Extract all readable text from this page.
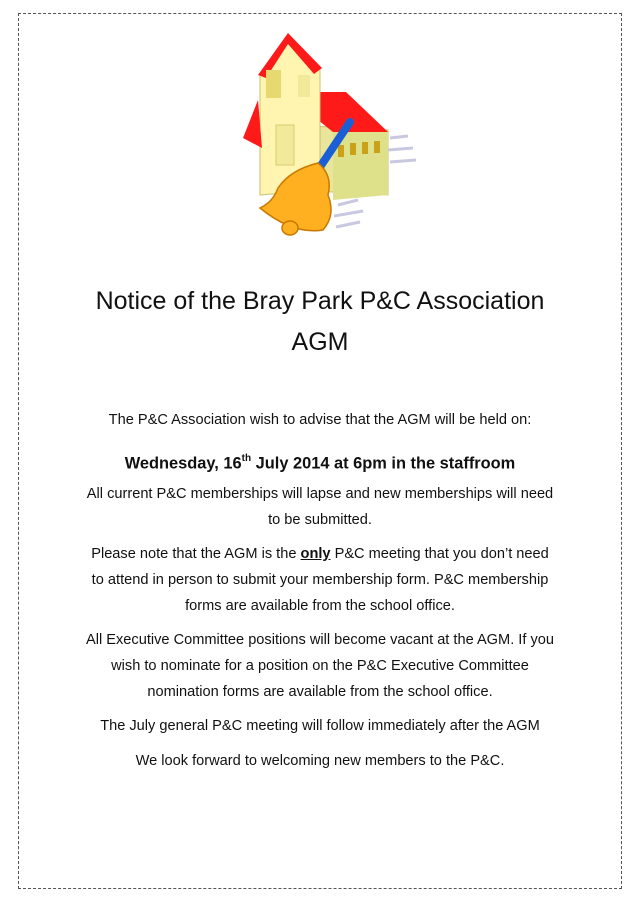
Notice of the Bray Park P&C Association
AGM
The P&C Association wish to advise that the AGM will be held on:
Wednesday, 16th July 2014 at 6pm in the staffroom
All current P&C memberships will lapse and new memberships will need
to be submitted.
Please note that the AGM is the only P&C meeting that you don’t need
to attend in person to submit your membership form. P&C membership
forms are available from the school office.
All Executive Committee positions will become vacant at the AGM. If you
wish to nominate for a position on the P&C Executive Committee
nomination forms are available from the school office.
The July general P&C meeting will follow immediately after the AGM
We look forward to welcoming new members to the P&C.
